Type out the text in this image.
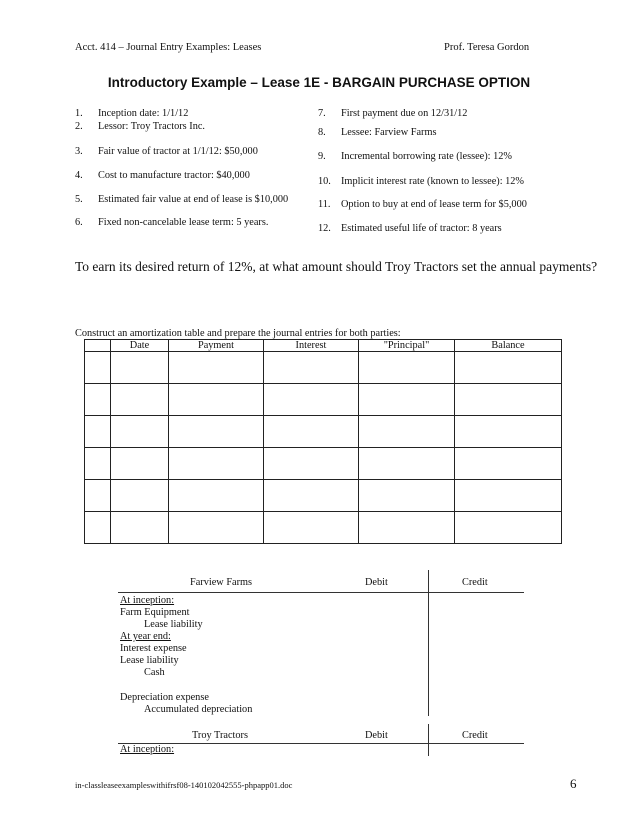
Acct. 414 – Journal Entry Examples: Leases	Prof. Teresa Gordon
Introductory Example – Lease 1E - BARGAIN PURCHASE OPTION
1. Inception date: 1/1/12
2. Lessor: Troy Tractors Inc.
3. Fair value of tractor at 1/1/12: $50,000
4. Cost to manufacture tractor: $40,000
5. Estimated fair value at end of lease is $10,000
6. Fixed non-cancelable lease term: 5 years.
7. First payment due on 12/31/12
8. Lessee: Farview Farms
9. Incremental borrowing rate (lessee): 12%
10. Implicit interest rate (known to lessee): 12%
11. Option to buy at end of lease term for $5,000
12. Estimated useful life of tractor: 8 years
To earn its desired return of 12%, at what amount should Troy Tractors set the annual payments?
Construct an amortization table and prepare the journal entries for both parties:
	Date	Payment	Interest	"Principal"	Balance

Farview Farms	Debit	Credit
At inception:
Farm Equipment
Lease liability
At year end:
Interest expense
Lease liability
Cash
Depreciation expense
Accumulated depreciation
Troy Tractors	Debit	Credit
At inception:
in-classleaseexampleswithifrsf08-140102042555-phpapp01.doc	6
